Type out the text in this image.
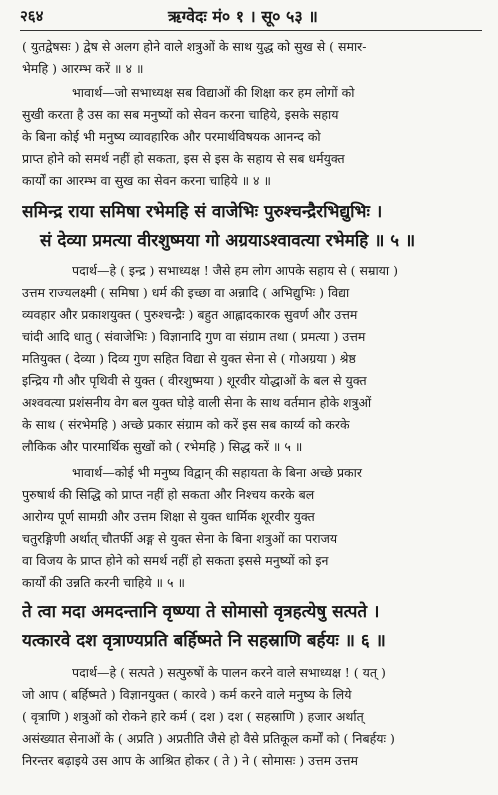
२६४	ऋग्वेदः मं० १ । सू० ५३ ॥
( युतद्वेषसः ) द्वेष से अलग होने वाले शत्रुओं के साथ युद्ध को सुख से ( समार-
भेमहि ) आरम्भ करें ॥ ४ ॥
भावार्थ—जो सभाध्यक्ष सब विद्याओं की शिक्षा कर हम लोगों को
सुखी करता है उस का सब मनुष्यों को सेवन करना चाहिये, इसके सहाय
के बिना कोई भी मनुष्य व्यावहारिक और परमार्थविषयक आनन्द को
प्राप्त होने को समर्थ नहीं हो सकता, इस से इस के सहाय से सब धर्मयुक्त
कार्यों का आरम्भ वा सुख का सेवन करना चाहिये ॥ ४ ॥
समिन्द्र राया समिषा रभेमहि सं वाजेभिः पुरुश्चन्द्रैरभिद्युभिः ।
सं देव्या प्रमत्या वीरशुष्मया गो अग्रयाऽश्वावत्या रभेमहि ॥ ५ ॥
पदार्थ—हे ( इन्द्र ) सभाध्यक्ष ! जैसे हम लोग आपके सहाय से ( सम्राया )
उत्तम राज्यलक्ष्मी ( समिषा ) धर्म की इच्छा वा अन्नादि ( अभिद्युभिः ) विद्या
व्यवहार और प्रकाशयुक्त ( पुरुश्चन्द्रैः ) बहुत आह्लादकारक सुवर्ण और उत्तम
चांदी आदि धातु ( संवाजेभिः ) विज्ञानादि गुण वा संग्राम तथा ( प्रमत्या ) उत्तम
मतियुक्त ( देव्या ) दिव्य गुण सहित विद्या से युक्त सेना से ( गोअग्रया ) श्रेष्ठ
इन्द्रिय गौ और पृथिवी से युक्त ( वीरशुष्मया ) शूरवीर योद्धाओं के बल से युक्त
अश्ववत्या प्रशंसनीय वेग बल युक्त घोड़े वाली सेना के साथ वर्तमान होके शत्रुओं
के साथ ( संरभेमहि ) अच्छे प्रकार संग्राम को करें इस सब कार्य्य को करके
लौकिक और पारमार्थिक सुखों को ( रभेमहि ) सिद्ध करें ॥ ५ ॥
भावार्थ—कोई भी मनुष्य विद्वान् की सहायता के बिना अच्छे प्रकार
पुरुषार्थ की सिद्धि को प्राप्त नहीं हो सकता और निश्चय करके बल
आरोग्य पूर्ण सामग्री और उत्तम शिक्षा से युक्त धार्मिक शूरवीर युक्त
चतुरङ्गिणी अर्थात् चौतर्फी अङ्ग से युक्त सेना के बिना शत्रुओं का पराजय
वा विजय के प्राप्त होने को समर्थ नहीं हो सकता इससे मनुष्यों को इन
कार्यों की उन्नति करनी चाहिये ॥ ५ ॥
ते त्वा मदा अमदन्तानि वृष्ण्या ते सोमासो वृत्रहत्येषु सत्पते ।
यत्कारवे दश वृत्राण्यप्रति बर्हिष्मते नि सहस्राणि बर्हयः ॥ ६ ॥
पदार्थ—हे ( सत्पते ) सत्पुरुषों के पालन करने वाले सभाध्यक्ष ! ( यत् )
जो आप ( बर्हिष्मते ) विज्ञानयुक्त ( कारवे ) कर्म करने वाले मनुष्य के लिये
( वृत्राणि ) शत्रुओं को रोकने हारे कर्म ( दश ) दश ( सहस्राणि ) हजार अर्थात्
असंख्यात सेनाओं के ( अप्रति ) अप्रतीति जैसे हो वैसे प्रतिकूल कर्मों को ( निबर्हयः )
निरन्तर बढ़ाइये उस आप के आश्रित होकर ( ते ) ने ( सोमासः ) उत्तम उत्तम
